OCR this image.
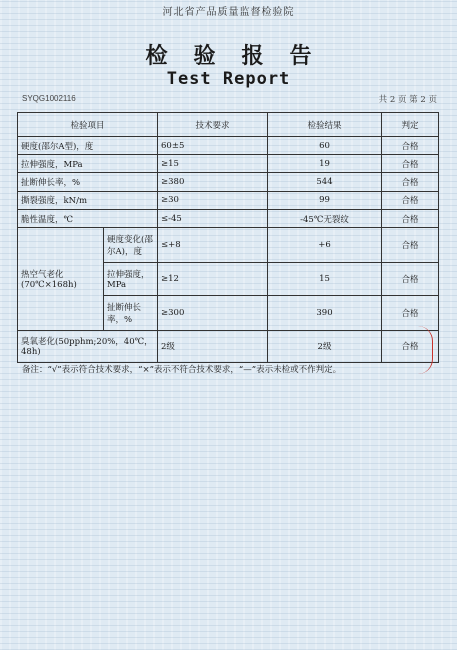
河北省产品质量监督检验院
检验报告
Test Report
SYQG1002116	共 2 页 第 2 页
检验项目		技术要求	检验结果	判定
硬度(邵尔A型)，度		60±5	60	合格
拉伸强度，MPa		≥15	19	合格
扯断伸长率，%		≥380	544	合格
撕裂强度，kN/m		≥30	99	合格
脆性温度，℃		≤-45	-45℃无裂纹	合格
热空气老化(70℃×168h)	硬度变化(邵尔A)，度	≤+8	+6	合格
	拉伸强度，MPa	≥12	15	合格
	扯断伸长率，%	≥300	390	合格
臭氧老化(50pphm;20%，40℃，48h)		2级	2级	合格
备注：“√”表示符合技术要求，“×”表示不符合技术要求，“—”表示未检或不作判定。
